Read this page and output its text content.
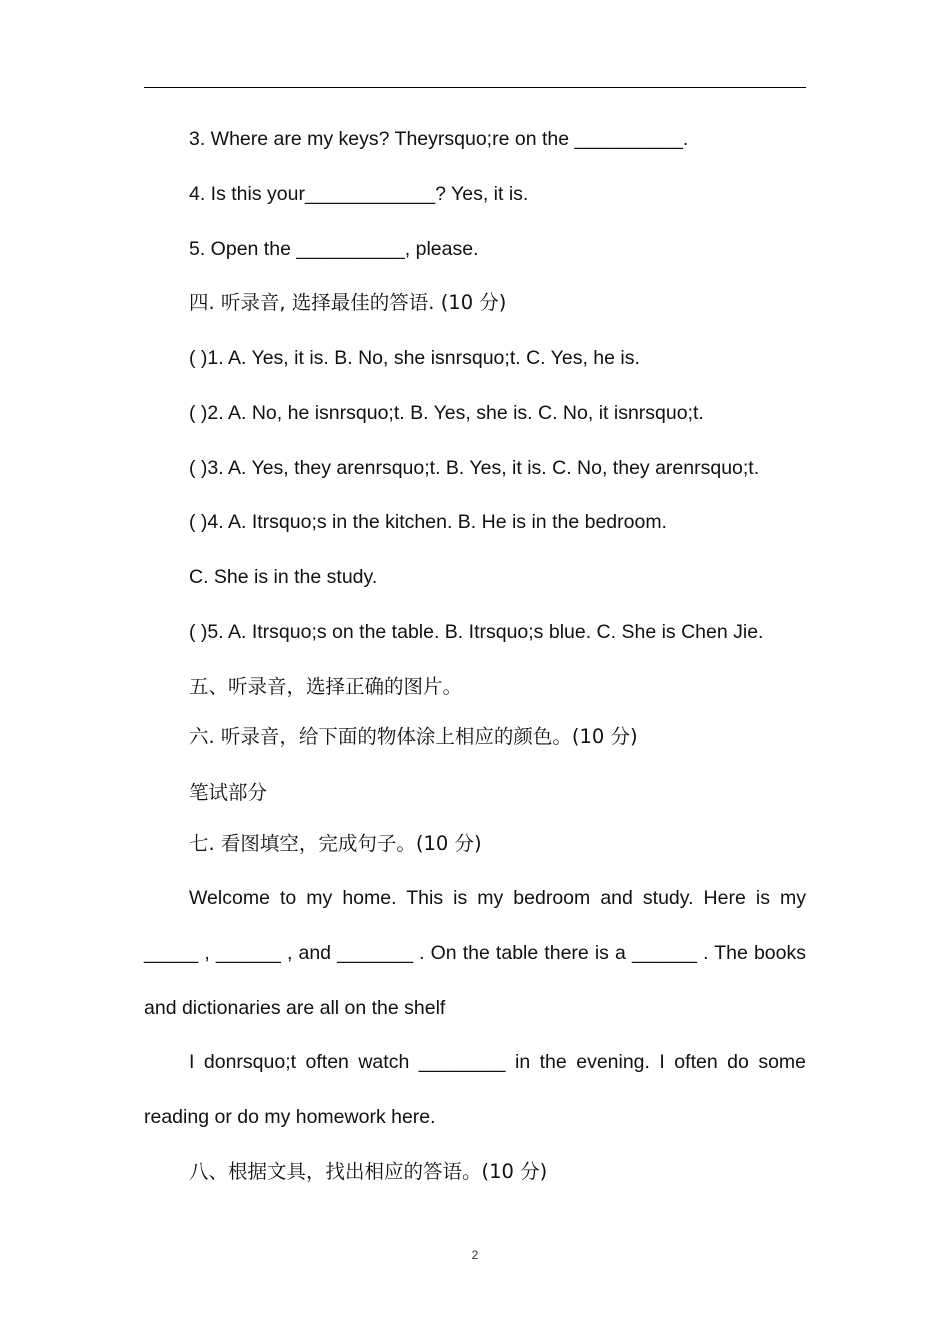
3. Where are my keys? Theyrsquo;re on the __________.
4. Is this your____________? Yes, it is.
5. Open the __________, please.
四. 听录音, 选择最佳的答语. (10 分)
( )1. A. Yes, it is. B. No, she isnrsquo;t. C. Yes, he is.
( )2. A. No, he isnrsquo;t. B. Yes, she is. C. No, it isnrsquo;t.
( )3. A. Yes, they arenrsquo;t. B. Yes, it is. C. No, they arenrsquo;t.
( )4. A. Itrsquo;s in the kitchen. B. He is in the bedroom.
C. She is in the study.
( )5. A. Itrsquo;s on the table. B. Itrsquo;s blue. C. She is Chen Jie.
五、听录音，选择正确的图片。
六. 听录音，给下面的物体涂上相应的颜色。(10 分)
笔试部分
七. 看图填空，完成句子。(10 分)
Welcome to my home. This is my bedroom and study. Here is my _____ , ______ , and _______ . On the table there is a ______ . The books and dictionaries are all on the shelf
I donrsquo;t often watch ________ in the evening. I often do some reading or do my homework here.
八、根据文具，找出相应的答语。(10 分)
2
